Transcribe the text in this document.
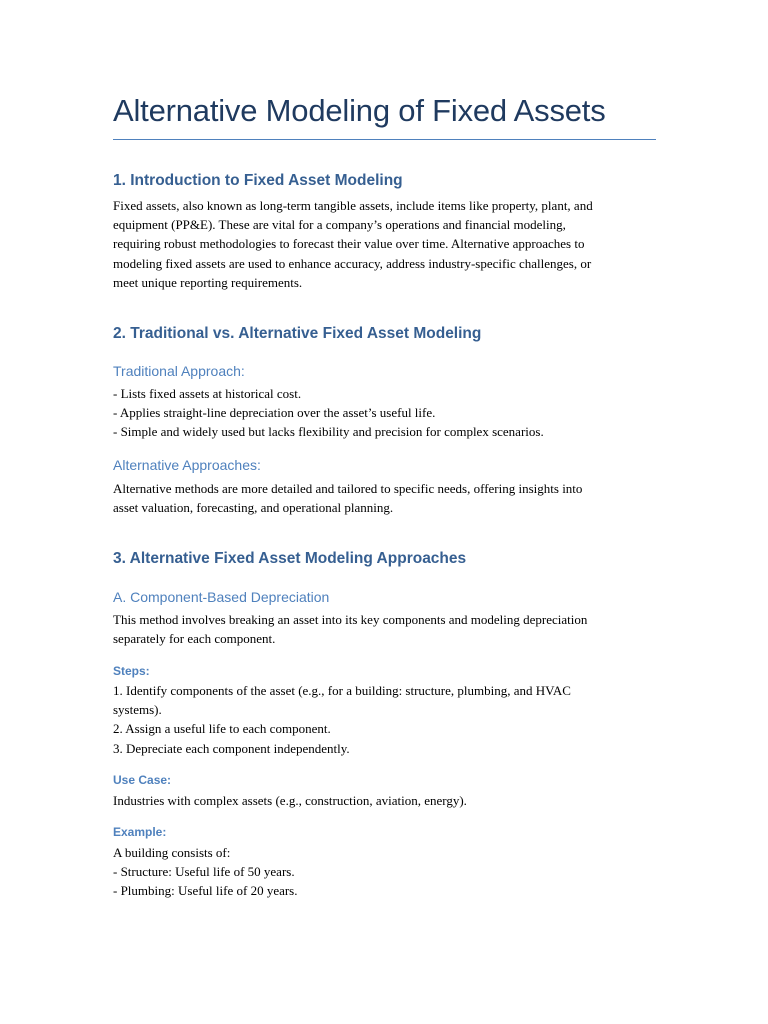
Alternative Modeling of Fixed Assets
1. Introduction to Fixed Asset Modeling
Fixed assets, also known as long-term tangible assets, include items like property, plant, and
equipment (PP&E). These are vital for a company’s operations and financial modeling,
requiring robust methodologies to forecast their value over time. Alternative approaches to
modeling fixed assets are used to enhance accuracy, address industry-specific challenges, or
meet unique reporting requirements.
2. Traditional vs. Alternative Fixed Asset Modeling
Traditional Approach:
- Lists fixed assets at historical cost.
- Applies straight-line depreciation over the asset’s useful life.
- Simple and widely used but lacks flexibility and precision for complex scenarios.
Alternative Approaches:
Alternative methods are more detailed and tailored to specific needs, offering insights into
asset valuation, forecasting, and operational planning.
3. Alternative Fixed Asset Modeling Approaches
A. Component-Based Depreciation
This method involves breaking an asset into its key components and modeling depreciation
separately for each component.
Steps:
1. Identify components of the asset (e.g., for a building: structure, plumbing, and HVAC
systems).
2. Assign a useful life to each component.
3. Depreciate each component independently.
Use Case:
Industries with complex assets (e.g., construction, aviation, energy).
Example:
A building consists of:
- Structure: Useful life of 50 years.
- Plumbing: Useful life of 20 years.
